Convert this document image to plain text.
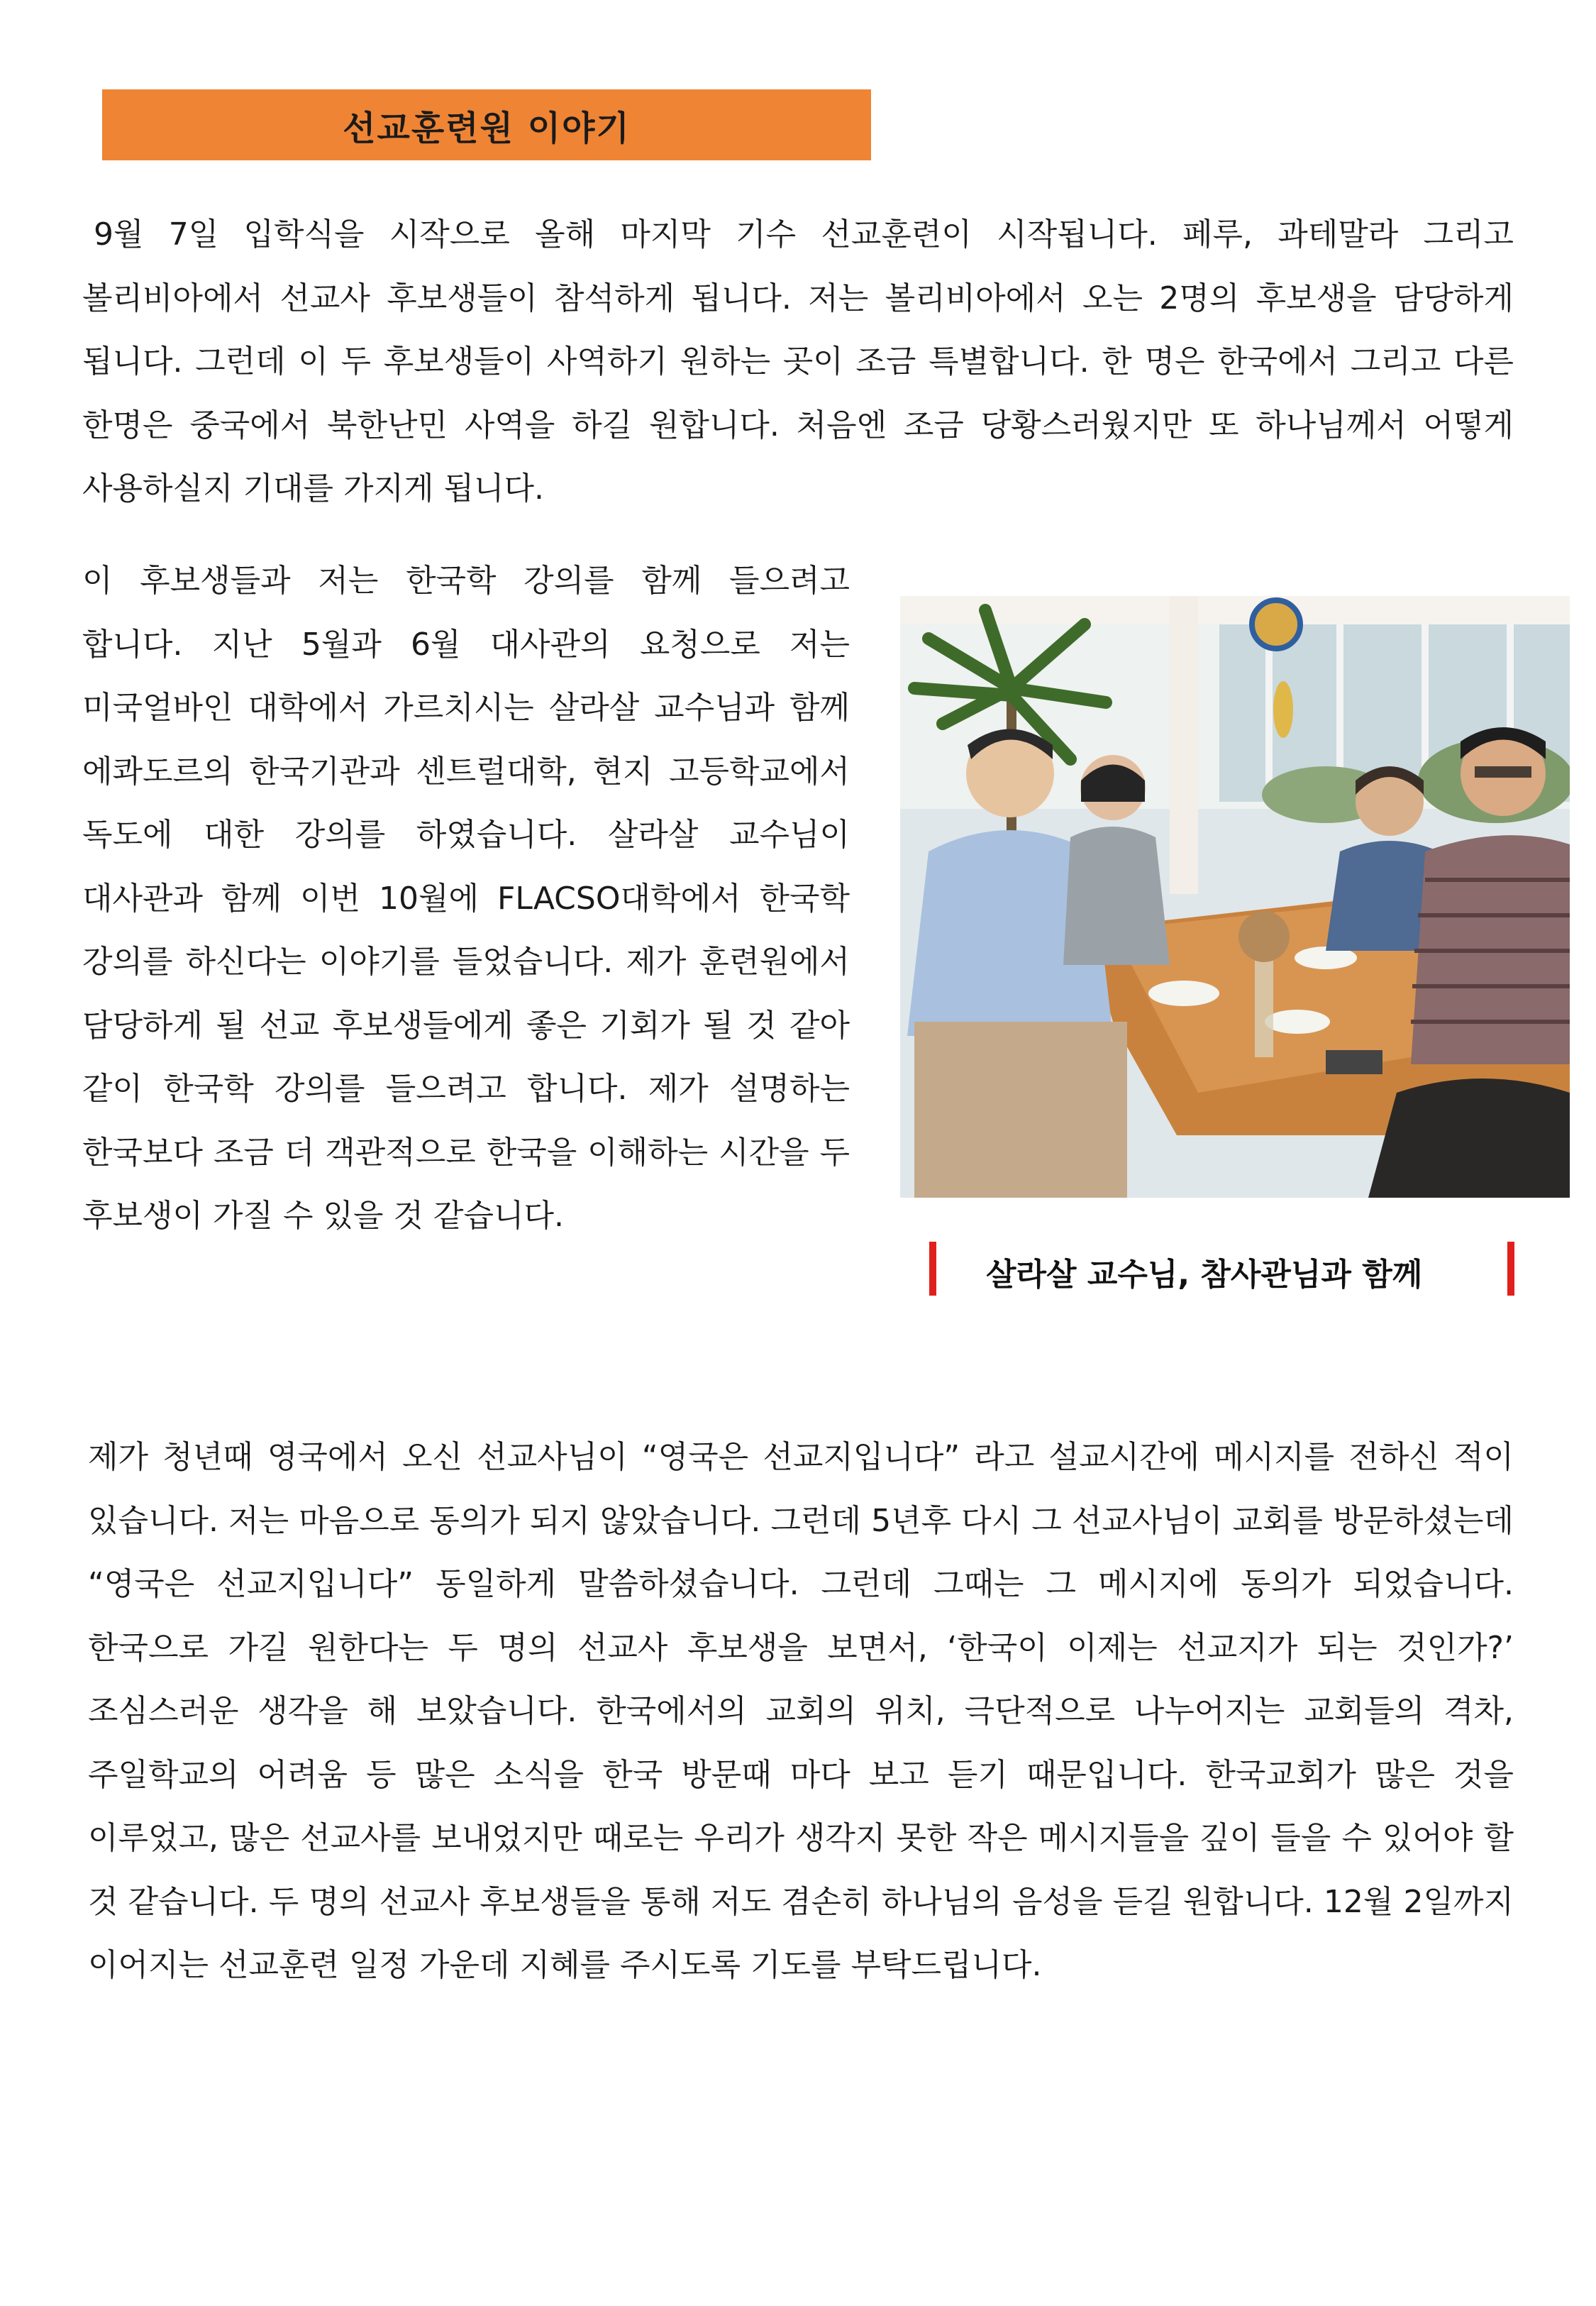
선교훈련원 이야기

9월 7일 입학식을 시작으로 올해 마지막 기수 선교훈련이 시작됩니다. 페루, 과테말라 그리고 볼리비아에서 선교사 후보생들이 참석하게 됩니다. 저는 볼리비아에서 오는 2명의 후보생을 담당하게 됩니다. 그런데 이 두 후보생들이 사역하기 원하는 곳이 조금 특별합니다. 한 명은 한국에서 그리고 다른 한명은 중국에서 북한난민 사역을 하길 원합니다. 처음엔 조금 당황스러웠지만 또 하나님께서 어떻게 사용하실지 기대를 가지게 됩니다.

이 후보생들과 저는 한국학 강의를 함께 들으려고 합니다. 지난 5월과 6월 대사관의 요청으로 저는 미국얼바인 대학에서 가르치시는 살라살 교수님과 함께 에콰도르의 한국기관과 센트럴대학, 현지 고등학교에서 독도에 대한 강의를 하였습니다. 살라살 교수님이 대사관과 함께 이번 10월에 FLACSO대학에서 한국학 강의를 하신다는 이야기를 들었습니다. 제가 훈련원에서 담당하게 될 선교 후보생들에게 좋은 기회가 될 것 같아 같이 한국학 강의를 들으려고 합니다. 제가 설명하는 한국보다 조금 더 객관적으로 한국을 이해하는 시간을 두 후보생이 가질 수 있을 것 같습니다.

살라살 교수님, 참사관님과 함께

제가 청년때 영국에서 오신 선교사님이 “영국은 선교지입니다” 라고 설교시간에 메시지를 전하신 적이 있습니다. 저는 마음으로 동의가 되지 않았습니다. 그런데 5년후 다시 그 선교사님이 교회를 방문하셨는데 “영국은 선교지입니다” 동일하게 말씀하셨습니다. 그런데 그때는 그 메시지에 동의가 되었습니다. 한국으로 가길 원한다는 두 명의 선교사 후보생을 보면서, ‘한국이 이제는 선교지가 되는 것인가?’ 조심스러운 생각을 해 보았습니다. 한국에서의 교회의 위치, 극단적으로 나누어지는 교회들의 격차, 주일학교의 어려움 등 많은 소식을 한국 방문때 마다 보고 듣기 때문입니다. 한국교회가 많은 것을 이루었고, 많은 선교사를 보내었지만 때로는 우리가 생각지 못한 작은 메시지들을 깊이 들을 수 있어야 할 것 같습니다. 두 명의 선교사 후보생들을 통해 저도 겸손히 하나님의 음성을 듣길 원합니다. 12월 2일까지 이어지는 선교훈련 일정 가운데 지혜를 주시도록 기도를 부탁드립니다.
